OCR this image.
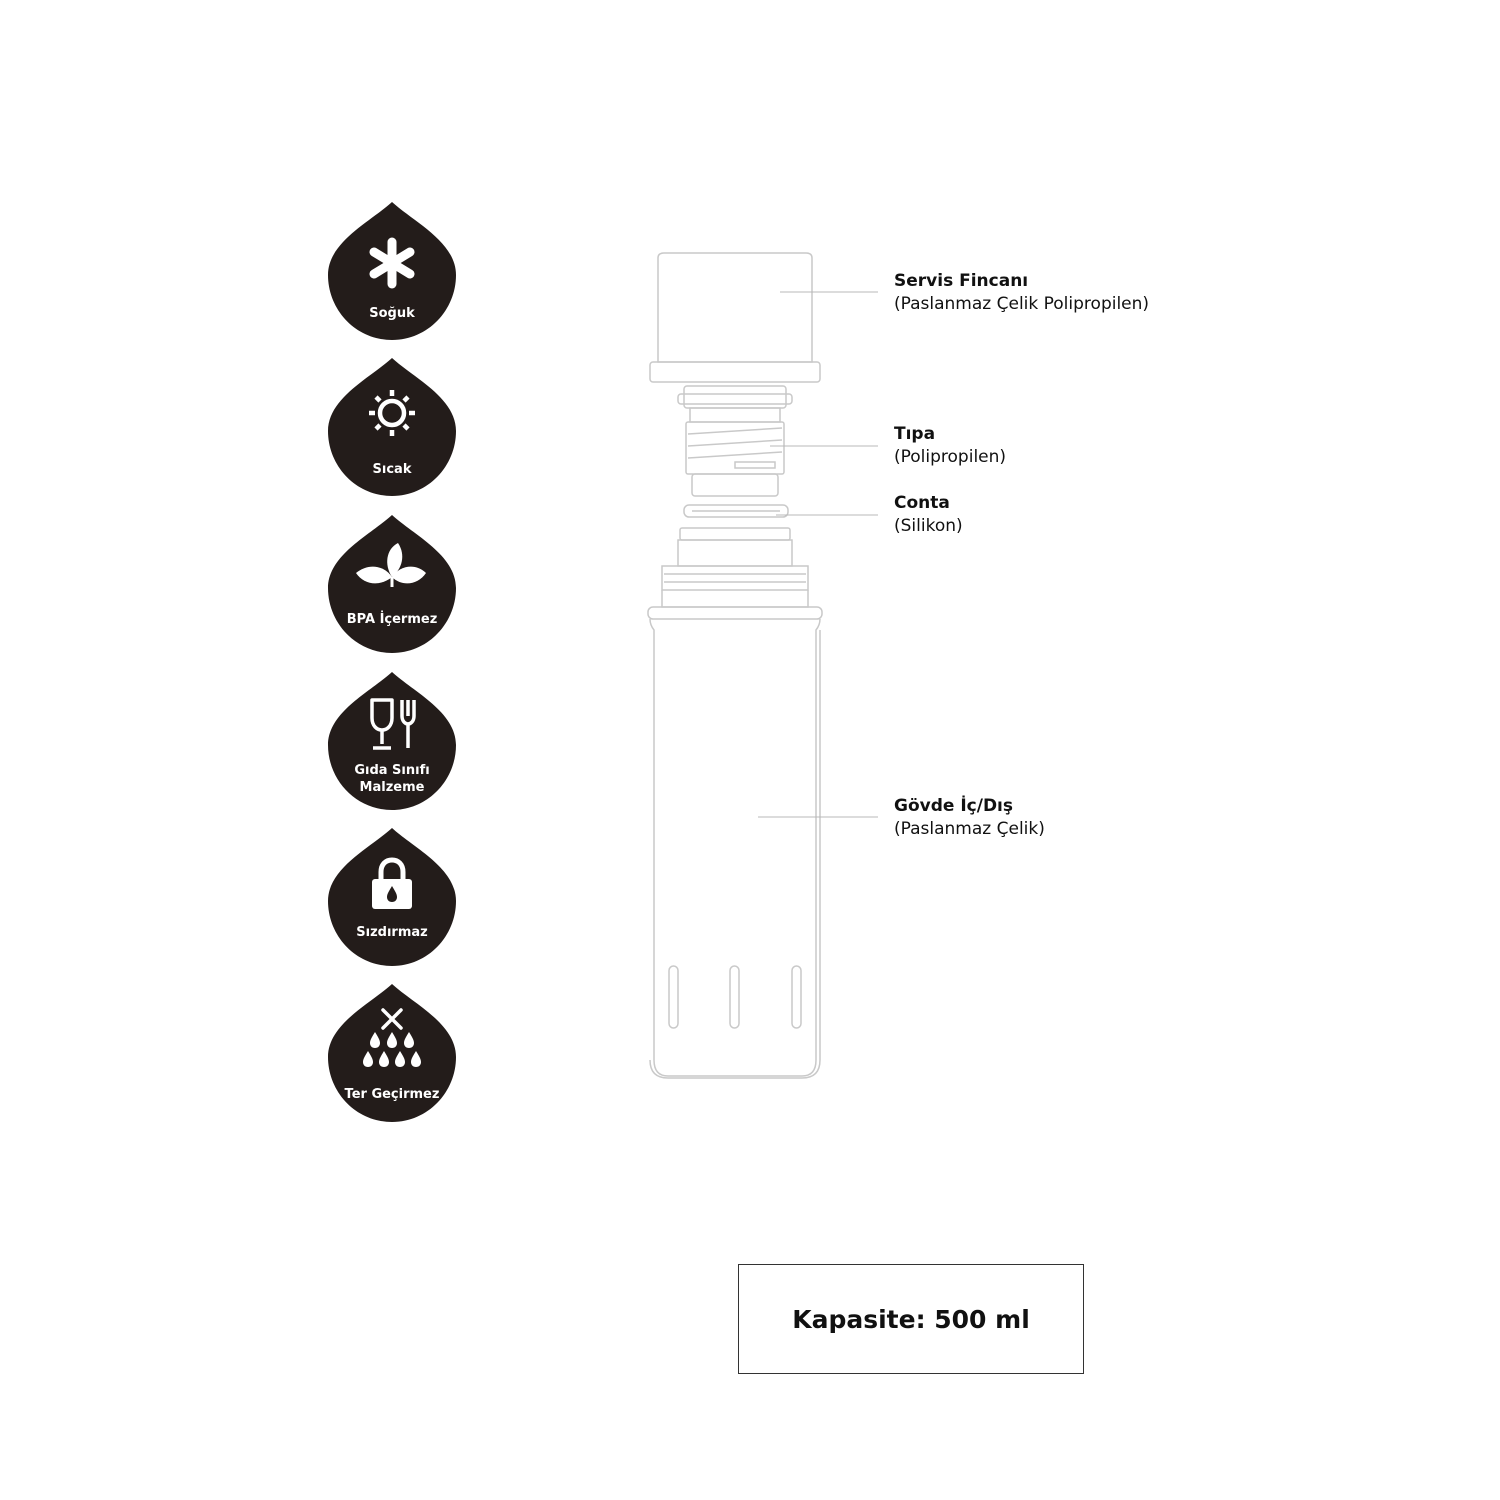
Soğuk
Sıcak
BPA İçermez
Gıda Sınıfı
Malzeme
Sızdırmaz
Ter Geçirmez
Servis Fincanı
(Paslanmaz Çelik Polipropilen)
Tıpa
(Polipropilen)
Conta
(Silikon)
Gövde İç/Dış
(Paslanmaz Çelik)
Kapasite: 500 ml
